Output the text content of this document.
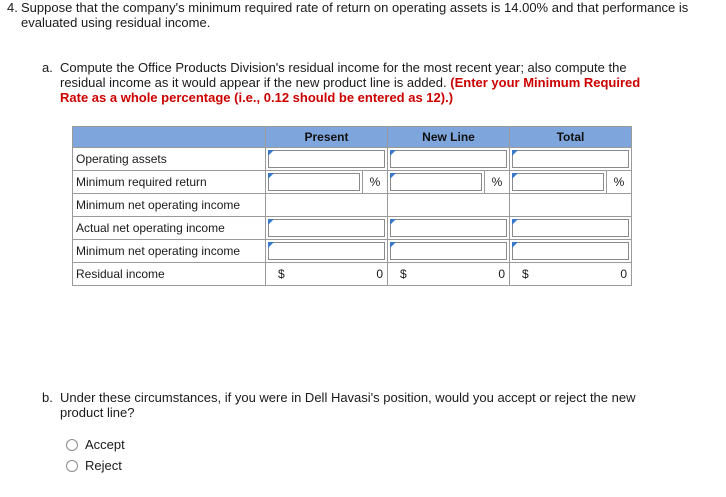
4. Suppose that the company's minimum required rate of return on operating assets is 14.00% and that performance is evaluated using residual income.
a. Compute the Office Products Division's residual income for the most recent year; also compute the residual income as it would appear if the new product line is added. (Enter your Minimum Required Rate as a whole percentage (i.e., 0.12 should be entered as 12).)
	Present		New Line		Total	
Operating assets				

Minimum required return		%		%		%
Minimum net operating income						
Actual net operating income				

Minimum net operating income				

Residual income	$ 0		$ 0		$ 0	
b. Under these circumstances, if you were in Dell Havasi's position, would you accept or reject the new product line?
Accept
Reject
